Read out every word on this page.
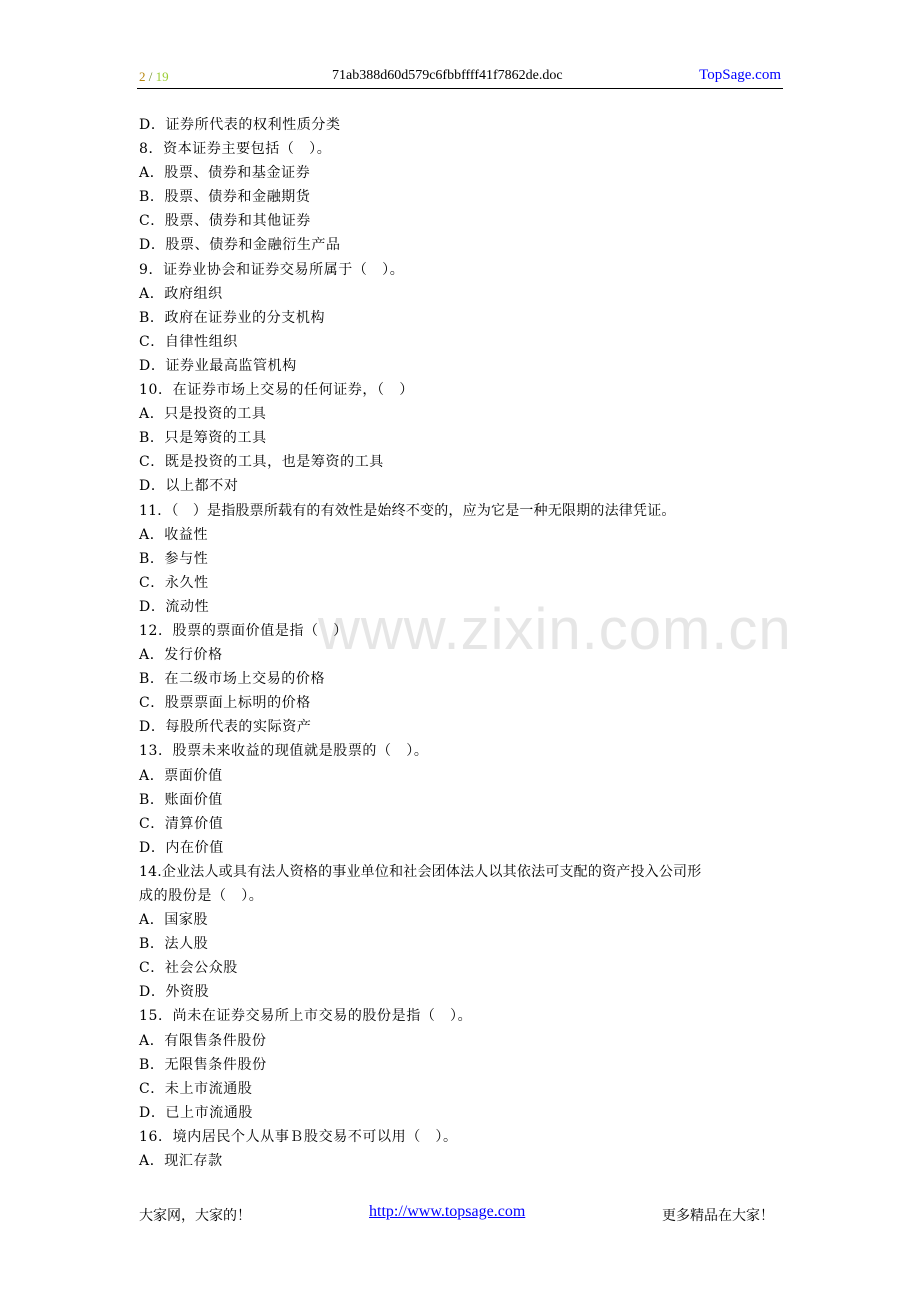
www.zixin.com.cn
2 / 19	71ab388d60d579c6fbbffff41f7862de.doc	TopSage.com
D．证券所代表的权利性质分类
8．资本证券主要包括（　）。
A．股票、债券和基金证券
B．股票、债券和金融期货
C．股票、债券和其他证券
D．股票、债券和金融衍生产品
9．证券业协会和证券交易所属于（　）。
A．政府组织
B．政府在证券业的分支机构
C．自律性组织
D．证券业最高监管机构
10．在证券市场上交易的任何证券，（　）
A．只是投资的工具
B．只是筹资的工具
C．既是投资的工具，也是筹资的工具
D．以上都不对
11．（　）是指股票所载有的有效性是始终不变的，应为它是一种无限期的法律凭证。
A．收益性
B．参与性
C．永久性
D．流动性
12．股票的票面价值是指（　）
A．发行价格
B．在二级市场上交易的价格
C．股票票面上标明的价格
D．每股所代表的实际资产
13．股票未来收益的现值就是股票的（　）。
A．票面价值
B．账面价值
C．清算价值
D．内在价值
14.企业法人或具有法人资格的事业单位和社会团体法人以其依法可支配的资产投入公司形
成的股份是（　）。
A．国家股
B．法人股
C．社会公众股
D．外资股
15．尚未在证券交易所上市交易的股份是指（　）。
A．有限售条件股份
B．无限售条件股份
C．未上市流通股
D．已上市流通股
16．境内居民个人从事Ｂ股交易不可以用（　）。
A．现汇存款
大家网，大家的！	http://www.topsage.com	更多精品在大家！
